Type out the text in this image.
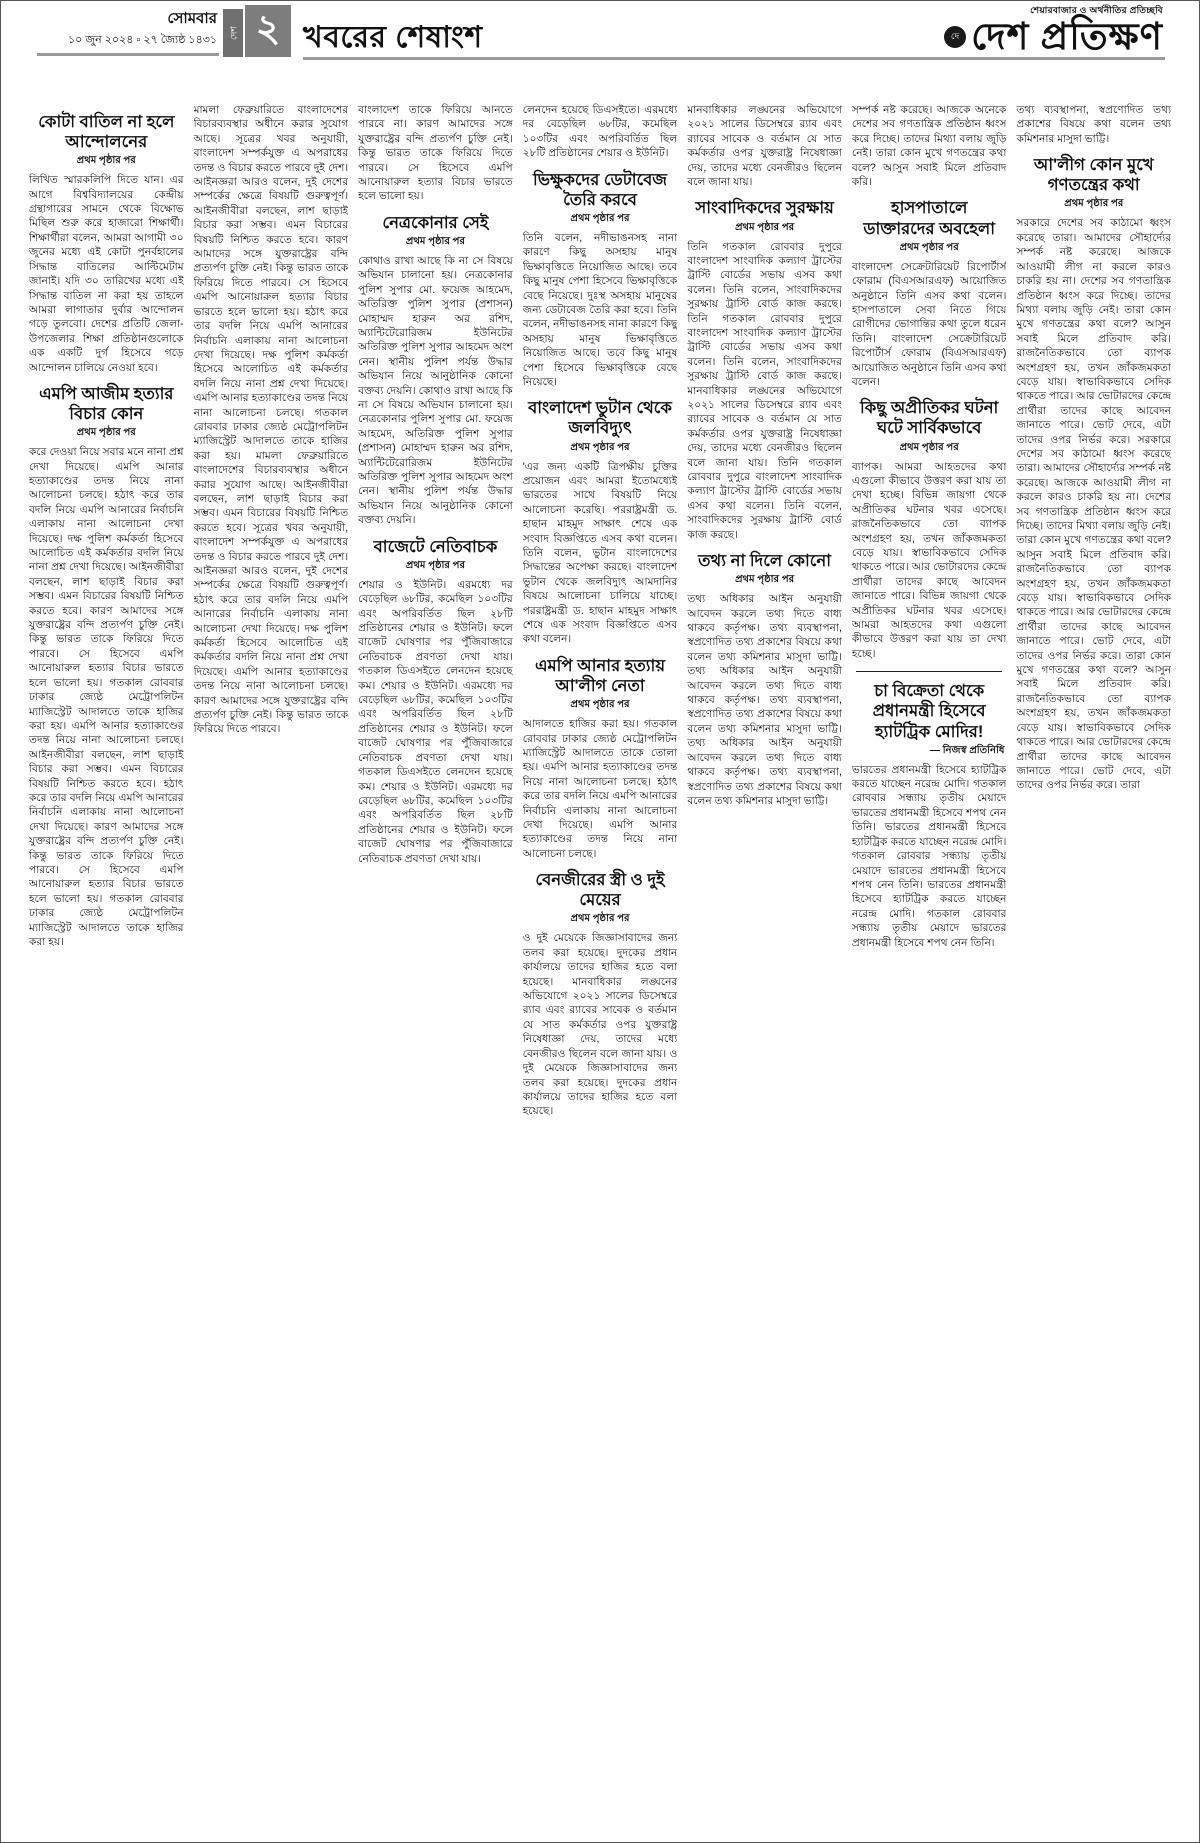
সোমবার
১০ জুন ২০২৪ ▫ ২৭ জ্যৈষ্ঠ ১৪৩১	দেশ ২ খবরের শেষাংশ
শেয়ারবাজার ও অর্থনীতির প্রতিচ্ছবি
দে দেশ প্রতিক্ষণ
কোটা বাতিল না হলে আন্দোলনের
প্রথম পৃষ্ঠার পর
লিখিত স্মারকলিপি দিতে যান। এর আগে বিশ্ববিদ্যালয়ের কেন্দ্রীয় গ্রন্থাগারের সামনে থেকে বিক্ষোভ মিছিল শুরু করে হাজারো শিক্ষার্থী। শিক্ষার্থীরা বলেন, আমরা আগামী ৩০ জুনের মধ্যে এই কোটা পুনর্বহালের সিদ্ধান্ত বাতিলের আল্টিমেটাম জানাই। যদি ৩০ তারিখের মধ্যে এই সিদ্ধান্ত বাতিল না করা হয় তাহলে আমরা লাগাতার দুর্বার আন্দোলন গড়ে তুলবো। দেশের প্রতিটি জেলা-উপজেলার শিক্ষা প্রতিষ্ঠানগুলোকে এক একটি দুর্গ হিসেবে গড়ে আন্দোলন চালিয়ে নেওয়া হবে।
এমপি আজীম হত্যার বিচার কোন
প্রথম পৃষ্ঠার পর
করে দেওয়া নিয়ে সবার মনে নানা প্রশ্ন দেখা দিয়েছে। এমপি আনার হত্যাকাণ্ডের তদন্ত নিয়ে নানা আলোচনা চলছে। হঠাৎ করে তার বদলি নিয়ে এমপি আনারের নির্বাচনি এলাকায় নানা আলোচনা দেখা দিয়েছে। দক্ষ পুলিশ কর্মকর্তা হিসেবে আলোচিত এই কর্মকর্তার বদলি নিয়ে নানা প্রশ্ন দেখা দিয়েছে। আইনজীবীরা বলছেন, লাশ ছাড়াই বিচার করা সম্ভব। এমন বিচারের বিষয়টি নিশ্চিত করতে হবে। কারণ আমাদের সঙ্গে যুক্তরাষ্ট্রের বন্দি প্রত্যর্পণ চুক্তি নেই। কিন্তু ভারত তাকে ফিরিয়ে দিতে পারবে। সে হিসেবে এমপি আনোয়ারুল হত্যার বিচার ভারতে হলে ভালো হয়। গতকাল রোববার ঢাকার জ্যেষ্ঠ মেট্রোপলিটন ম্যাজিস্ট্রেট আদালতে তাকে হাজির করা হয়। এমপি আনার হত্যাকাণ্ডের তদন্ত নিয়ে নানা আলোচনা চলছে। আইনজীবীরা বলছেন, লাশ ছাড়াই বিচার করা সম্ভব। এমন বিচারের বিষয়টি নিশ্চিত করতে হবে। হঠাৎ করে তার বদলি নিয়ে এমপি আনারের নির্বাচনি এলাকায় নানা আলোচনা দেখা দিয়েছে। কারণ আমাদের সঙ্গে যুক্তরাষ্ট্রের বন্দি প্রত্যর্পণ চুক্তি নেই। কিন্তু ভারত তাকে ফিরিয়ে দিতে পারবে। সে হিসেবে এমপি আনোয়ারুল হত্যার বিচার ভারতে হলে ভালো হয়। গতকাল রোববার ঢাকার জ্যেষ্ঠ মেট্রোপলিটন ম্যাজিস্ট্রেট আদালতে তাকে হাজির করা হয়।
মামলা ফেব্রুয়ারিতে বাংলাদেশের বিচারব্যবস্থার অধীনে করার সুযোগ আছে। সূত্রের খবর অনুযায়ী, বাংলাদেশ সম্পর্কযুক্ত এ অপরাধের তদন্ত ও বিচার করতে পারবে দুই দেশ। আইনজ্ঞরা আরও বলেন, দুই দেশের সম্পর্কের ক্ষেত্রে বিষয়টি গুরুত্বপূর্ণ। আইনজীবীরা বলছেন, লাশ ছাড়াই বিচার করা সম্ভব। এমন বিচারের বিষয়টি নিশ্চিত করতে হবে। কারণ আমাদের সঙ্গে যুক্তরাষ্ট্রের বন্দি প্রত্যর্পণ চুক্তি নেই। কিন্তু ভারত তাকে ফিরিয়ে দিতে পারবে। সে হিসেবে এমপি আনোয়ারুল হত্যার বিচার ভারতে হলে ভালো হয়। হঠাৎ করে তার বদলি নিয়ে এমপি আনারের নির্বাচনি এলাকায় নানা আলোচনা দেখা দিয়েছে। দক্ষ পুলিশ কর্মকর্তা হিসেবে আলোচিত এই কর্মকর্তার বদলি নিয়ে নানা প্রশ্ন দেখা দিয়েছে। এমপি আনার হত্যাকাণ্ডের তদন্ত নিয়ে নানা আলোচনা চলছে। গতকাল রোববার ঢাকার জ্যেষ্ঠ মেট্রোপলিটন ম্যাজিস্ট্রেট আদালতে তাকে হাজির করা হয়। মামলা ফেব্রুয়ারিতে বাংলাদেশের বিচারব্যবস্থার অধীনে করার সুযোগ আছে। আইনজীবীরা বলছেন, লাশ ছাড়াই বিচার করা সম্ভব। এমন বিচারের বিষয়টি নিশ্চিত করতে হবে। সূত্রের খবর অনুযায়ী, বাংলাদেশ সম্পর্কযুক্ত এ অপরাধের তদন্ত ও বিচার করতে পারবে দুই দেশ। আইনজ্ঞরা আরও বলেন, দুই দেশের সম্পর্কের ক্ষেত্রে বিষয়টি গুরুত্বপূর্ণ। হঠাৎ করে তার বদলি নিয়ে এমপি আনারের নির্বাচনি এলাকায় নানা আলোচনা দেখা দিয়েছে। দক্ষ পুলিশ কর্মকর্তা হিসেবে আলোচিত এই কর্মকর্তার বদলি নিয়ে নানা প্রশ্ন দেখা দিয়েছে। এমপি আনার হত্যাকাণ্ডের তদন্ত নিয়ে নানা আলোচনা চলছে। কারণ আমাদের সঙ্গে যুক্তরাষ্ট্রের বন্দি প্রত্যর্পণ চুক্তি নেই। কিন্তু ভারত তাকে ফিরিয়ে দিতে পারবে।
বাংলাদেশ তাকে ফিরিয়ে আনতে পারবে না। কারণ আমাদের সঙ্গে যুক্তরাষ্ট্রের বন্দি প্রত্যর্পণ চুক্তি নেই। কিন্তু ভারত তাকে ফিরিয়ে দিতে পারবে। সে হিসেবে এমপি আনোয়ারুল হত্যার বিচার ভারতে হলে ভালো হয়।
নেত্রকোনার সেই
প্রথম পৃষ্ঠার পর
কোথাও রাখা আছে কি না সে বিষয়ে অভিযান চালানো হয়। নেত্রকোনার পুলিশ সুপার মো. ফয়েজ আহমেদ, অতিরিক্ত পুলিশ সুপার (প্রশাসন) মোহাম্মদ হারুন অর রশিদ, অ্যান্টিটেরোরিজম ইউনিটের অতিরিক্ত পুলিশ সুপার আহমেদ অংশ নেন। স্থানীয় পুলিশ পর্যন্ত উদ্ধার অভিযান নিয়ে আনুষ্ঠানিক কোনো বক্তব্য দেয়নি। কোথাও রাখা আছে কি না সে বিষয়ে অভিযান চালানো হয়। নেত্রকোনার পুলিশ সুপার মো. ফয়েজ আহমেদ, অতিরিক্ত পুলিশ সুপার (প্রশাসন) মোহাম্মদ হারুন অর রশিদ, অ্যান্টিটেরোরিজম ইউনিটের অতিরিক্ত পুলিশ সুপার আহমেদ অংশ নেন। স্থানীয় পুলিশ পর্যন্ত উদ্ধার অভিযান নিয়ে আনুষ্ঠানিক কোনো বক্তব্য দেয়নি।
বাজেটে নেতিবাচক
প্রথম পৃষ্ঠার পর
শেয়ার ও ইউনিট। এরমধ্যে দর বেড়েছিল ৬৮টির, কমেছিল ১০৩টির এবং অপরিবর্তিত ছিল ২৮টি প্রতিষ্ঠানের শেয়ার ও ইউনিট। ফলে বাজেট ঘোষণার পর পুঁজিবাজারে নেতিবাচক প্রবণতা দেখা যায়। গতকাল ডিএসইতে লেনদেন হয়েছে কম। শেয়ার ও ইউনিট। এরমধ্যে দর বেড়েছিল ৬৮টির, কমেছিল ১০৩টির এবং অপরিবর্তিত ছিল ২৮টি প্রতিষ্ঠানের শেয়ার ও ইউনিট। ফলে বাজেট ঘোষণার পর পুঁজিবাজারে নেতিবাচক প্রবণতা দেখা যায়। গতকাল ডিএসইতে লেনদেন হয়েছে কম। শেয়ার ও ইউনিট। এরমধ্যে দর বেড়েছিল ৬৮টির, কমেছিল ১০৩টির এবং অপরিবর্তিত ছিল ২৮টি প্রতিষ্ঠানের শেয়ার ও ইউনিট। ফলে বাজেট ঘোষণার পর পুঁজিবাজারে নেতিবাচক প্রবণতা দেখা যায়।
লেনদেন হয়েছে ডিএসইতে। এরমধ্যে দর বেড়েছিল ৬৮টির, কমেছিল ১০৩টির এবং অপরিবর্তিত ছিল ২৮টি প্রতিষ্ঠানের শেয়ার ও ইউনিট।
ভিক্ষুকদের ডেটাবেজ তৈরি করবে
প্রথম পৃষ্ঠার পর
তিনি বলেন, নদীভাঙনসহ নানা কারণে কিছু অসহায় মানুষ ভিক্ষাবৃত্তিতে নিয়োজিত আছে। তবে কিছু মানুষ পেশা হিসেবে ভিক্ষাবৃত্তিকে বেছে নিয়েছে। দুঃস্থ অসহায় মানুষের জন্য ডেটাবেজ তৈরি করা হবে। তিনি বলেন, নদীভাঙনসহ নানা কারণে কিছু অসহায় মানুষ ভিক্ষাবৃত্তিতে নিয়োজিত আছে। তবে কিছু মানুষ পেশা হিসেবে ভিক্ষাবৃত্তিকে বেছে নিয়েছে।
বাংলাদেশ ভুটান থেকে জলবিদ্যুৎ
প্রথম পৃষ্ঠার পর
'এর জন্য একটি ত্রিপক্ষীয় চুক্তির প্রয়োজন এবং আমরা ইতোমধ্যেই ভারতের সাথে বিষয়টি নিয়ে আলোচনা করেছি। পররাষ্ট্রমন্ত্রী ড. হাছান মাহমুদ সাক্ষাৎ শেষে এক সংবাদ বিজ্ঞপ্তিতে এসব কথা বলেন। তিনি বলেন, ভুটান বাংলাদেশের সিদ্ধান্তের অপেক্ষা করছে। বাংলাদেশ ভুটান থেকে জলবিদ্যুৎ আমদানির বিষয়ে আলোচনা চালিয়ে যাচ্ছে। পররাষ্ট্রমন্ত্রী ড. হাছান মাহমুদ সাক্ষাৎ শেষে এক সংবাদ বিজ্ঞপ্তিতে এসব কথা বলেন।
এমপি আনার হত্যায় আ'লীগ নেতা
প্রথম পৃষ্ঠার পর
আদালতে হাজির করা হয়। গতকাল রোববার ঢাকার জ্যেষ্ঠ মেট্রোপলিটন ম্যাজিস্ট্রেট আদালতে তাকে তোলা হয়। এমপি আনার হত্যাকাণ্ডের তদন্ত নিয়ে নানা আলোচনা চলছে। হঠাৎ করে তার বদলি নিয়ে এমপি আনারের নির্বাচনি এলাকায় নানা আলোচনা দেখা দিয়েছে। এমপি আনার হত্যাকাণ্ডের তদন্ত নিয়ে নানা আলোচনা চলছে।
বেনজীরের স্ত্রী ও দুই মেয়ের
প্রথম পৃষ্ঠার পর
ও দুই মেয়েকে জিজ্ঞাসাবাদের জন্য তলব করা হয়েছে। দুদকের প্রধান কার্যালয়ে তাদের হাজির হতে বলা হয়েছে। মানবাধিকার লঙ্ঘনের অভিযোগে ২০২১ সালের ডিসেম্বরে র‍্যাব এবং র‍্যাবের সাবেক ও বর্তমান যে সাত কর্মকর্তার ওপর যুক্তরাষ্ট্র নিষেধাজ্ঞা দেয়, তাদের মধ্যে বেনজীরও ছিলেন বলে জানা যায়। ও দুই মেয়েকে জিজ্ঞাসাবাদের জন্য তলব করা হয়েছে। দুদকের প্রধান কার্যালয়ে তাদের হাজির হতে বলা হয়েছে।
মানবাধিকার লঙ্ঘনের অভিযোগে ২০২১ সালের ডিসেম্বরে র‍্যাব এবং র‍্যাবের সাবেক ও বর্তমান যে সাত কর্মকর্তার ওপর যুক্তরাষ্ট্র নিষেধাজ্ঞা দেয়, তাদের মধ্যে বেনজীরও ছিলেন বলে জানা যায়।
সাংবাদিকদের সুরক্ষায়
প্রথম পৃষ্ঠার পর
তিনি গতকাল রোববার দুপুরে বাংলাদেশ সাংবাদিক কল্যাণ ট্রাস্টের ট্রাস্টি বোর্ডের সভায় এসব কথা বলেন। তিনি বলেন, সাংবাদিকদের সুরক্ষায় ট্রাস্টি বোর্ড কাজ করছে। তিনি গতকাল রোববার দুপুরে বাংলাদেশ সাংবাদিক কল্যাণ ট্রাস্টের ট্রাস্টি বোর্ডের সভায় এসব কথা বলেন। তিনি বলেন, সাংবাদিকদের সুরক্ষায় ট্রাস্টি বোর্ড কাজ করছে। মানবাধিকার লঙ্ঘনের অভিযোগে ২০২১ সালের ডিসেম্বরে র‍্যাব এবং র‍্যাবের সাবেক ও বর্তমান যে সাত কর্মকর্তার ওপর যুক্তরাষ্ট্র নিষেধাজ্ঞা দেয়, তাদের মধ্যে বেনজীরও ছিলেন বলে জানা যায়। তিনি গতকাল রোববার দুপুরে বাংলাদেশ সাংবাদিক কল্যাণ ট্রাস্টের ট্রাস্টি বোর্ডের সভায় এসব কথা বলেন। তিনি বলেন, সাংবাদিকদের সুরক্ষায় ট্রাস্টি বোর্ড কাজ করছে।
তথ্য না দিলে কোনো
প্রথম পৃষ্ঠার পর
তথ্য অধিকার আইন অনুযায়ী আবেদন করলে তথ্য দিতে বাধ্য থাকবে কর্তৃপক্ষ। তথ্য ব্যবস্থাপনা, স্বপ্রণোদিত তথ্য প্রকাশের বিষয়ে কথা বলেন তথ্য কমিশনার মাসুদা ভাট্টি। তথ্য অধিকার আইন অনুযায়ী আবেদন করলে তথ্য দিতে বাধ্য থাকবে কর্তৃপক্ষ। তথ্য ব্যবস্থাপনা, স্বপ্রণোদিত তথ্য প্রকাশের বিষয়ে কথা বলেন তথ্য কমিশনার মাসুদা ভাট্টি। তথ্য অধিকার আইন অনুযায়ী আবেদন করলে তথ্য দিতে বাধ্য থাকবে কর্তৃপক্ষ। তথ্য ব্যবস্থাপনা, স্বপ্রণোদিত তথ্য প্রকাশের বিষয়ে কথা বলেন তথ্য কমিশনার মাসুদা ভাট্টি।
সম্পর্ক নষ্ট করেছে। আজকে অনেকে দেশের সব গণতান্ত্রিক প্রতিষ্ঠান ধ্বংস করে দিচ্ছে। তাদের মিথ্যা বলায় জুড়ি নেই। তারা কোন মুখে গণতন্ত্রের কথা বলে? আসুন সবাই মিলে প্রতিবাদ করি।
হাসপাতালে ডাক্তারদের অবহেলা
প্রথম পৃষ্ঠার পর
বাংলাদেশ সেক্রেটারিয়েট রিপোর্টার্স ফোরাম (বিএসআরএফ) আয়োজিত অনুষ্ঠানে তিনি এসব কথা বলেন। হাসপাতালে সেবা নিতে গিয়ে রোগীদের ভোগান্তির কথা তুলে ধরেন তিনি। বাংলাদেশ সেক্রেটারিয়েট রিপোর্টার্স ফোরাম (বিএসআরএফ) আয়োজিত অনুষ্ঠানে তিনি এসব কথা বলেন।
কিছু অপ্রীতিকর ঘটনা ঘটে সার্বিকভাবে
প্রথম পৃষ্ঠার পর
ব্যাপক। আমরা আহতদের কথা এগুলো কীভাবে উত্তরণ করা যায় তা দেখা হচ্ছে। বিভিন্ন জায়গা থেকে অপ্রীতিকর ঘটনার খবর এসেছে। রাজনৈতিকভাবে তো ব্যাপক অংশগ্রহণ হয়, তখন জাঁকজমকতা বেড়ে যায়। স্বাভাবিকভাবে সেদিক থাকতে পারে। আর ভোটারদের কেন্দ্রে প্রার্থীরা তাদের কাছে আবেদন জানাতে পারে। বিভিন্ন জায়গা থেকে অপ্রীতিকর ঘটনার খবর এসেছে। আমরা আহতদের কথা এগুলো কীভাবে উত্তরণ করা যায় তা দেখা হচ্ছে।
চা বিক্রেতা থেকে প্রধানমন্ত্রী হিসেবে হ্যাটট্রিক মোদির!
— নিজস্ব প্রতিনিধি
ভারতের প্রধানমন্ত্রী হিসেবে হ্যাটট্রিক করতে যাচ্ছেন নরেন্দ্র মোদি। গতকাল রোববার সন্ধ্যায় তৃতীয় মেয়াদে ভারতের প্রধানমন্ত্রী হিসেবে শপথ নেন তিনি। ভারতের প্রধানমন্ত্রী হিসেবে হ্যাটট্রিক করতে যাচ্ছেন নরেন্দ্র মোদি। গতকাল রোববার সন্ধ্যায় তৃতীয় মেয়াদে ভারতের প্রধানমন্ত্রী হিসেবে শপথ নেন তিনি। ভারতের প্রধানমন্ত্রী হিসেবে হ্যাটট্রিক করতে যাচ্ছেন নরেন্দ্র মোদি। গতকাল রোববার সন্ধ্যায় তৃতীয় মেয়াদে ভারতের প্রধানমন্ত্রী হিসেবে শপথ নেন তিনি।
তথ্য ব্যবস্থাপনা, স্বপ্রণোদিত তথ্য প্রকাশের বিষয়ে কথা বলেন তথ্য কমিশনার মাসুদা ভাট্টি।
আ'লীগ কোন মুখে গণতন্ত্রের কথা
প্রথম পৃষ্ঠার পর
সরকারে দেশের সব কাঠামো ধ্বংস করেছে তারা। আমাদের সৌহার্দ্যের সম্পর্ক নষ্ট করেছে। আজকে আওয়ামী লীগ না করলে কারও চাকরি হয় না। দেশের সব গণতান্ত্রিক প্রতিষ্ঠান ধ্বংস করে দিচ্ছে। তাদের মিথ্যা বলায় জুড়ি নেই। তারা কোন মুখে গণতন্ত্রের কথা বলে? আসুন সবাই মিলে প্রতিবাদ করি। রাজনৈতিকভাবে তো ব্যাপক অংশগ্রহণ হয়, তখন জাঁকজমকতা বেড়ে যায়। স্বাভাবিকভাবে সেদিক থাকতে পারে। আর ভোটারদের কেন্দ্রে প্রার্থীরা তাদের কাছে আবেদন জানাতে পারে। ভোট দেবে, এটা তাদের ওপর নির্ভর করে। সরকারে দেশের সব কাঠামো ধ্বংস করেছে তারা। আমাদের সৌহার্দ্যের সম্পর্ক নষ্ট করেছে। আজকে আওয়ামী লীগ না করলে কারও চাকরি হয় না। দেশের সব গণতান্ত্রিক প্রতিষ্ঠান ধ্বংস করে দিচ্ছে। তাদের মিথ্যা বলায় জুড়ি নেই। তারা কোন মুখে গণতন্ত্রের কথা বলে? আসুন সবাই মিলে প্রতিবাদ করি। রাজনৈতিকভাবে তো ব্যাপক অংশগ্রহণ হয়, তখন জাঁকজমকতা বেড়ে যায়। স্বাভাবিকভাবে সেদিক থাকতে পারে। আর ভোটারদের কেন্দ্রে প্রার্থীরা তাদের কাছে আবেদন জানাতে পারে। ভোট দেবে, এটা তাদের ওপর নির্ভর করে। তারা কোন মুখে গণতন্ত্রের কথা বলে? আসুন সবাই মিলে প্রতিবাদ করি। রাজনৈতিকভাবে তো ব্যাপক অংশগ্রহণ হয়, তখন জাঁকজমকতা বেড়ে যায়। স্বাভাবিকভাবে সেদিক থাকতে পারে। আর ভোটারদের কেন্দ্রে প্রার্থীরা তাদের কাছে আবেদন জানাতে পারে। ভোট দেবে, এটা তাদের ওপর নির্ভর করে। তারা
